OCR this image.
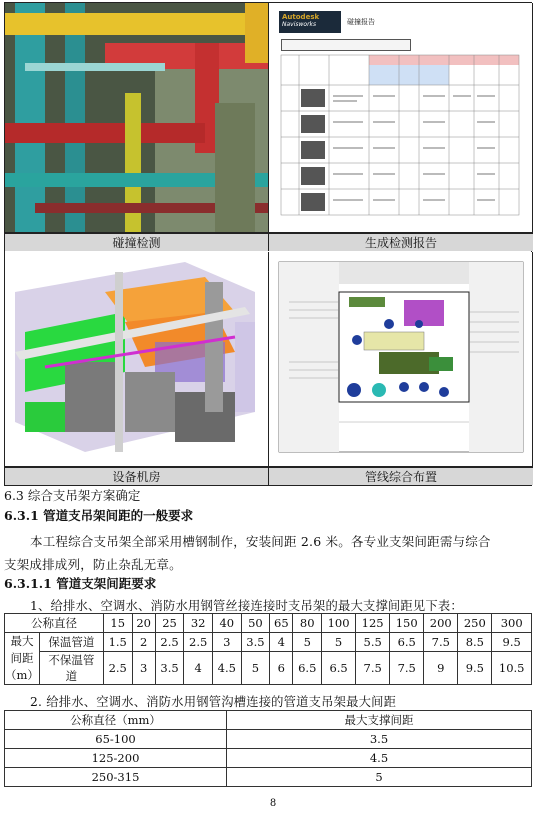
Autodesk
Navisworks	碰撞报告
碰撞检测	生成检测报告
设备机房	管线综合布置
6.3 综合支吊架方案确定
6.3.1 管道支吊架间距的一般要求
本工程综合支吊架全部采用槽钢制作，安装间距 2.6 米。各专业支架间距需与综合
支架成排成列，防止杂乱无章。
6.3.1.1 管道支架间距要求
1、给排水、空调水、消防水用钢管丝接连接时支吊架的最大支撑间距见下表：
公称直径		15	20	25	32	40	50	65	80	100	125	150	200	250	300

最大
间距
（m）	保温管道	1.5	2	2.5	2.5	3	3.5	4	5	5	5.5	6.5	7.5	8.5	9.5

	不保温管
道	2.5	3	3.5	4	4.5	5	6	6.5	6.5	7.5	7.5	9	9.5	10.5
2. 给排水、空调水、消防水用钢管沟槽连接的管道支吊架最大间距
公称直径（mm）	最大支撑间距
65-100	3.5
125-200	4.5
250-315	5
8
